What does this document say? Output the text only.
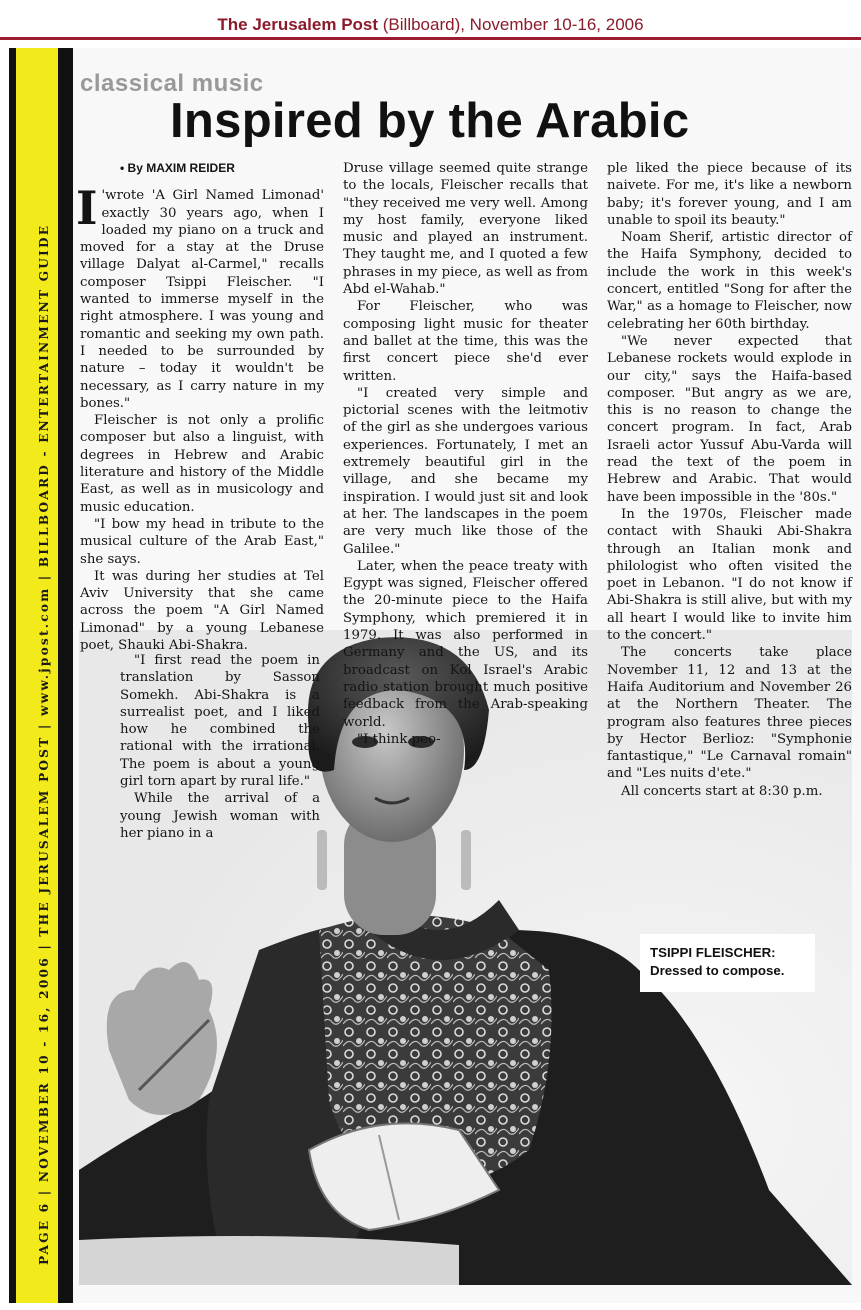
The Jerusalem Post (Billboard), November 10-16, 2006
PAGE 6 | NOVEMBER 10 - 16, 2006 | THE JERUSALEM POST | www.jpost.com | BILLBOARD - ENTERTAINMENT GUIDE
classical music
Inspired by the Arabic

• By MAXIM REIDER

I 'wrote 'A Girl Named Limonad' exactly 30 years ago, when I loaded my piano on a truck and moved for a stay at the Druse village Dalyat al-Carmel," recalls composer Tsippi Fleischer. "I wanted to immerse myself in the right atmosphere. I was young and romantic and seeking my own path. I needed to be surrounded by nature – today it wouldn't be necessary, as I carry nature in my bones."

Fleischer is not only a prolific composer but also a linguist, with degrees in Hebrew and Arabic literature and history of the Middle East, as well as in musicology and music education.

"I bow my head in tribute to the musical culture of the Arab East," she says.

It was during her studies at Tel Aviv University that she came across the poem "A Girl Named Limonad" by a young Lebanese poet, Shauki Abi-Shakra.

"I first read the poem in translation by Sasson Somekh. Abi-Shakra is a surrealist poet, and I liked how he combined the rational with the irrational. The poem is about a young girl torn apart by rural life."

While the arrival of a young Jewish woman with her piano in a

Druse village seemed quite strange to the locals, Fleischer recalls that "they received me very well. Among my host family, everyone liked music and played an instrument. They taught me, and I quoted a few phrases in my piece, as well as from Abd el-Wahab."

For Fleischer, who was composing light music for theater and ballet at the time, this was the first concert piece she'd ever written.

"I created very simple and pictorial scenes with the leitmotiv of the girl as she undergoes various experiences. Fortunately, I met an extremely beautiful girl in the village, and she became my inspiration. I would just sit and look at her. The landscapes in the poem are very much like those of the Galilee."

Later, when the peace treaty with Egypt was signed, Fleischer offered the 20-minute piece to the Haifa Symphony, which premiered it in 1979. It was also performed in Germany and the US, and its broadcast on Kol Israel's Arabic radio station brought much positive feedback from the Arab-speaking world.

"I think peo-

ple liked the piece because of its naivete. For me, it's like a newborn baby; it's forever young, and I am unable to spoil its beauty."

Noam Sherif, artistic director of the Haifa Symphony, decided to include the work in this week's concert, entitled "Song for after the War," as a homage to Fleischer, now celebrating her 60th birthday.

"We never expected that Lebanese rockets would explode in our city," says the Haifa-based composer. "But angry as we are, this is no reason to change the concert program. In fact, Arab Israeli actor Yussuf Abu-Varda will read the text of the poem in Hebrew and Arabic. That would have been impossible in the '80s."

In the 1970s, Fleischer made contact with Shauki Abi-Shakra through an Italian monk and philologist who often visited the poet in Lebanon. "I do not know if Abi-Shakra is still alive, but with my all heart I would like to invite him to the concert."

The concerts take place November 11, 12 and 13 at the Haifa Auditorium and November 26 at the Northern Theater. The program also features three pieces by Hector Berlioz: "Symphonie fantastique," "Le Carnaval romain" and "Les nuits d'ete."

All concerts start at 8:30 p.m.

TSIPPI FLEISCHER:
Dressed to compose.
